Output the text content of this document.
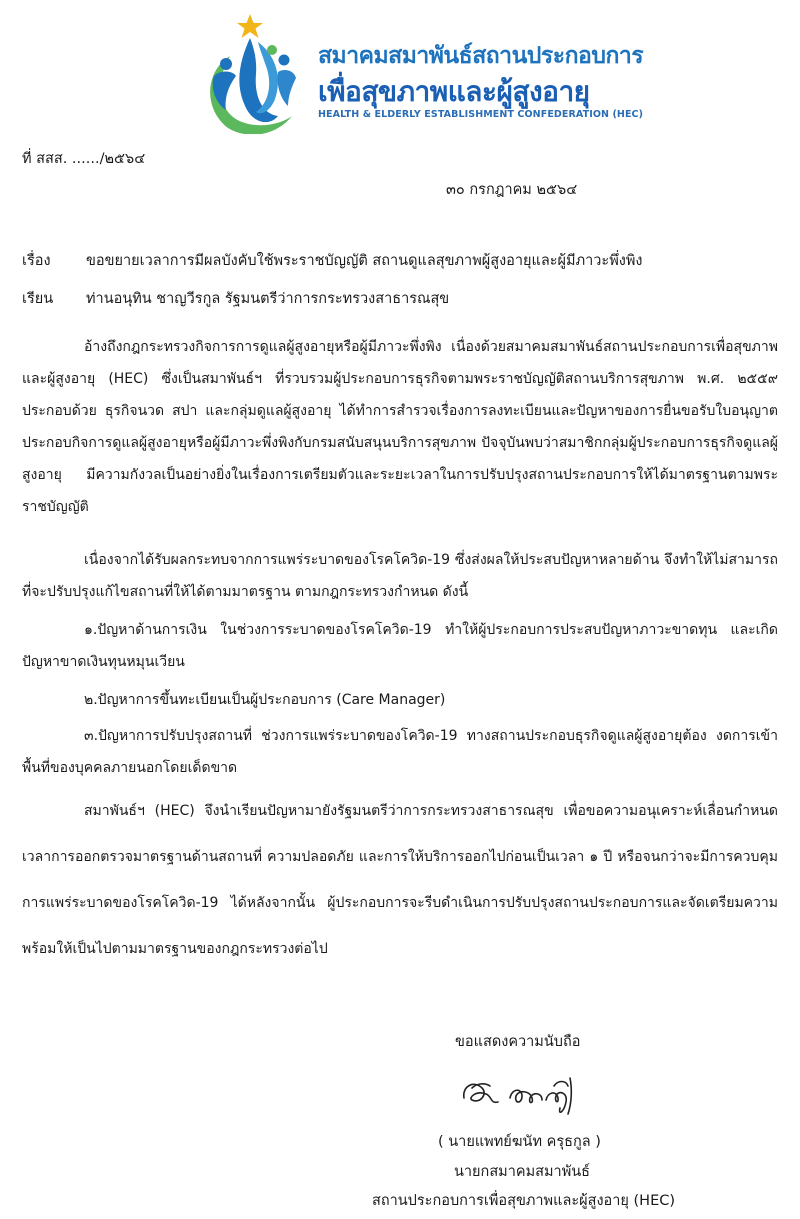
สมาคมสมาพันธ์สถานประกอบการ

เพื่อสุขภาพและผู้สูงอายุ

HEALTH & ELDERLY ESTABLISHMENT CONFEDERATION (HEC)

ที่ สสส. ....../๒๕๖๔

๓๐ กรกฎาคม ๒๕๖๔

เรื่อง ขอขยายเวลาการมีผลบังคับใช้พระราชบัญญัติ สถานดูแลสุขภาพผู้สูงอายุและผู้มีภาวะพึ่งพิง

เรียน ท่านอนุทิน ชาญวีรกูล รัฐมนตรีว่าการกระทรวงสาธารณสุข

อ้างถึงกฎกระทรวงกิจการการดูแลผู้สูงอายุหรือผู้มีภาวะพึ่งพิง เนื่องด้วยสมาคมสมาพันธ์สถานประกอบการเพื่อสุขภาพและผู้สูงอายุ (HEC) ซึ่งเป็นสมาพันธ์ฯ ที่รวบรวมผู้ประกอบการธุรกิจตามพระราชบัญญัติสถานบริการสุขภาพ พ.ศ. ๒๕๕๙ ประกอบด้วย ธุรกิจนวด สปา และกลุ่มดูแลผู้สูงอายุ ได้ทำการสำรวจเรื่องการลงทะเบียนและปัญหาของการยื่นขอรับใบอนุญาตประกอบกิจการดูแลผู้สูงอายุหรือผู้มีภาวะพึ่งพิงกับกรมสนับสนุนบริการสุขภาพ ปัจจุบันพบว่าสมาชิกกลุ่มผู้ประกอบการธุรกิจดูแลผู้สูงอายุ มีความกังวลเป็นอย่างยิ่งในเรื่องการเตรียมตัวและระยะเวลาในการปรับปรุงสถานประกอบการให้ได้มาตรฐานตามพระราชบัญญัติ

เนื่องจากได้รับผลกระทบจากการแพร่ระบาดของโรคโควิด-19 ซึ่งส่งผลให้ประสบปัญหาหลายด้าน จึงทำให้ไม่สามารถที่จะปรับปรุงแก้ไขสถานที่ให้ได้ตามมาตรฐาน ตามกฎกระทรวงกำหนด ดังนี้

๑.ปัญหาด้านการเงิน ในช่วงการระบาดของโรคโควิด-19 ทำให้ผู้ประกอบการประสบปัญหาภาวะขาดทุน และเกิดปัญหาขาดเงินทุนหมุนเวียน

๒.ปัญหาการขึ้นทะเบียนเป็นผู้ประกอบการ (Care Manager)

๓.ปัญหาการปรับปรุงสถานที่ ช่วงการแพร่ระบาดของโควิด-19 ทางสถานประกอบธุรกิจดูแลผู้สูงอายุต้อง งดการเข้าพื้นที่ของบุคคลภายนอกโดยเด็ดขาด

สมาพันธ์ฯ (HEC) จึงนำเรียนปัญหามายังรัฐมนตรีว่าการกระทรวงสาธารณสุข เพื่อขอความอนุเคราะห์เลื่อนกำหนดเวลาการออกตรวจมาตรฐานด้านสถานที่ ความปลอดภัย และการให้บริการออกไปก่อนเป็นเวลา ๑ ปี หรือจนกว่าจะมีการควบคุมการแพร่ระบาดของโรคโควิด-19 ได้หลังจากนั้น ผู้ประกอบการจะรีบดำเนินการปรับปรุงสถานประกอบการและจัดเตรียมความพร้อมให้เป็นไปตามมาตรฐานของกฎกระทรวงต่อไป

ขอแสดงความนับถือ

( นายแพทย์ฆนัท ครุธกูล )

นายกสมาคมสมาพันธ์

สถานประกอบการเพื่อสุขภาพและผู้สูงอายุ (HEC)
